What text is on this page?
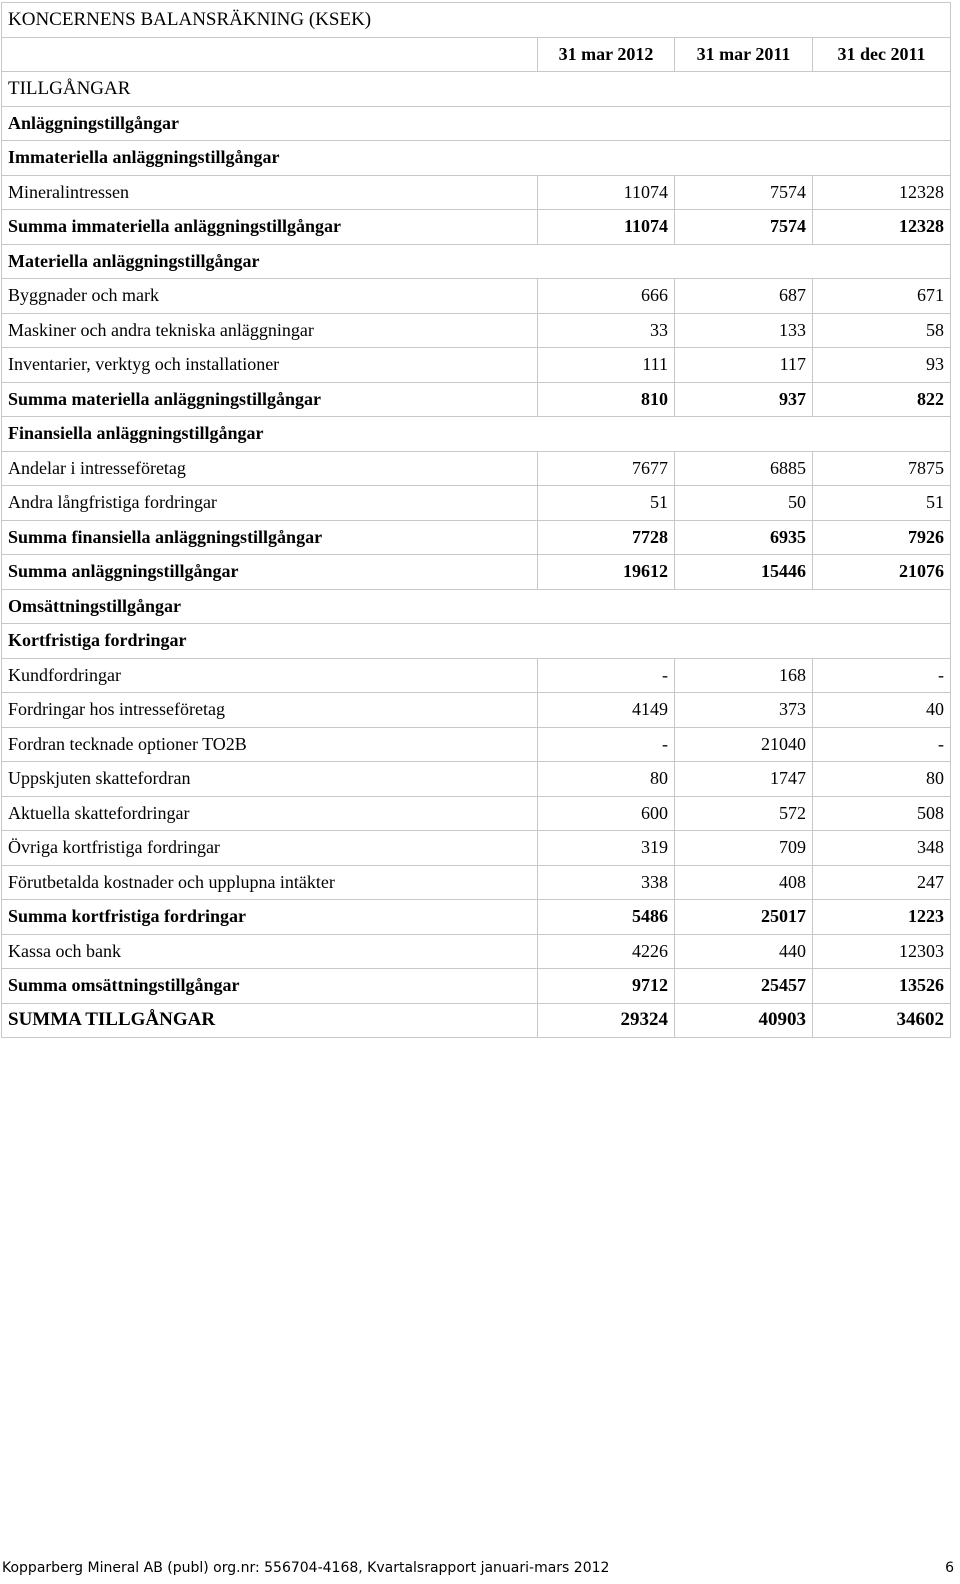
KONCERNENS BALANSRÄKNING (KSEK)			
	31 mar 2012	31 mar 2011	31 dec 2011
TILLGÅNGAR			
Anläggningstillgångar			
Immateriella anläggningstillgångar			
Mineralintressen	11074	7574	12328
Summa immateriella anläggningstillgångar	11074	7574	12328
Materiella anläggningstillgångar			
Byggnader och mark	666	687	671
Maskiner och andra tekniska anläggningar	33	133	58
Inventarier, verktyg och installationer	111	117	93
Summa materiella anläggningstillgångar	810	937	822
Finansiella anläggningstillgångar			
Andelar i intresseföretag	7677	6885	7875
Andra långfristiga fordringar	51	50	51
Summa finansiella anläggningstillgångar	7728	6935	7926
Summa anläggningstillgångar	19612	15446	21076
Omsättningstillgångar			
Kortfristiga fordringar			
Kundfordringar	-	168	-
Fordringar hos intresseföretag	4149	373	40
Fordran tecknade optioner TO2B	-	21040	-
Uppskjuten skattefordran	80	1747	80
Aktuella skattefordringar	600	572	508
Övriga kortfristiga fordringar	319	709	348
Förutbetalda kostnader och upplupna intäkter	338	408	247
Summa kortfristiga fordringar	5486	25017	1223
Kassa och bank	4226	440	12303
Summa omsättningstillgångar	9712	25457	13526
SUMMA TILLGÅNGAR	29324	40903	34602
Kopparberg Mineral AB (publ) org.nr: 556704-4168, Kvartalsrapport januari-mars 2012	6
